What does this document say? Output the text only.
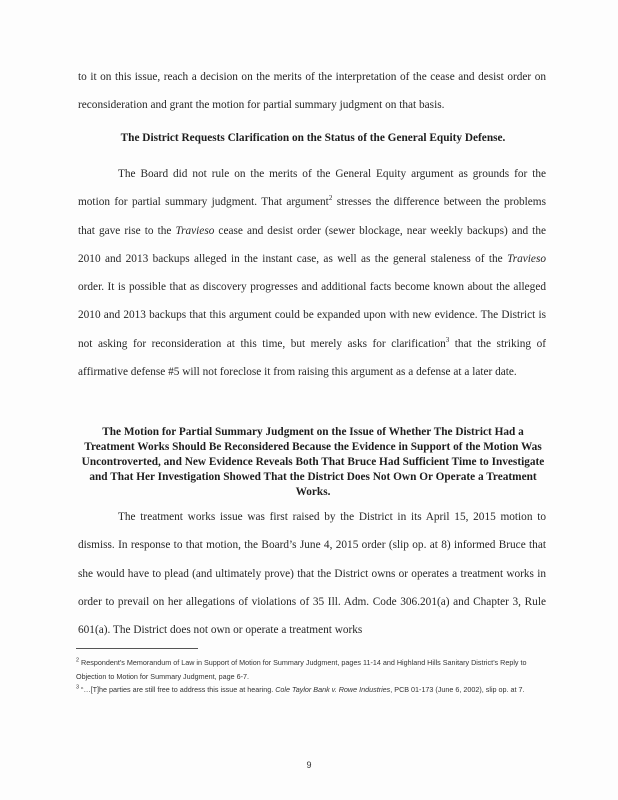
to it on this issue, reach a decision on the merits of the interpretation of the cease and desist order on reconsideration and grant the motion for partial summary judgment on that basis.

The District Requests Clarification on the Status of the General Equity Defense.

The Board did not rule on the merits of the General Equity argument as grounds for the motion for partial summary judgment. That argument$^2$ stresses the difference between the problems that gave rise to the Travieso cease and desist order (sewer blockage, near weekly backups) and the 2010 and 2013 backups alleged in the instant case, as well as the general staleness of the Travieso order. It is possible that as discovery progresses and additional facts become known about the alleged 2010 and 2013 backups that this argument could be expanded upon with new evidence. The District is not asking for reconsideration at this time, but merely asks for clarification$^3$ that the striking of affirmative defense #5 will not foreclose it from raising this argument as a defense at a later date.

The Motion for Partial Summary Judgment on the Issue of Whether The District Had a Treatment Works Should Be Reconsidered Because the Evidence in Support of the Motion Was Uncontroverted, and New Evidence Reveals Both That Bruce Had Sufficient Time to Investigate and That Her Investigation Showed That the District Does Not Own Or Operate a Treatment Works.

The treatment works issue was first raised by the District in its April 15, 2015 motion to dismiss. In response to that motion, the Board’s June 4, 2015 order (slip op. at 8) informed Bruce that she would have to plead (and ultimately prove) that the District owns or operates a treatment works in order to prevail on her allegations of violations of 35 Ill. Adm. Code 306.201(a) and Chapter 3, Rule 601(a). The District does not own or operate a treatment works

$^2$ Respondent’s Memorandum of Law in Support of Motion for Summary Judgment, pages 11-14 and Highland Hills Sanitary District’s Reply to Objection to Motion for Summary Judgment, page 6-7.

$^3$ “…[T]he parties are still free to address this issue at hearing. Cole Taylor Bank v. Rowe Industries, PCB 01-173 (June 6, 2002), slip op. at 7.

9
